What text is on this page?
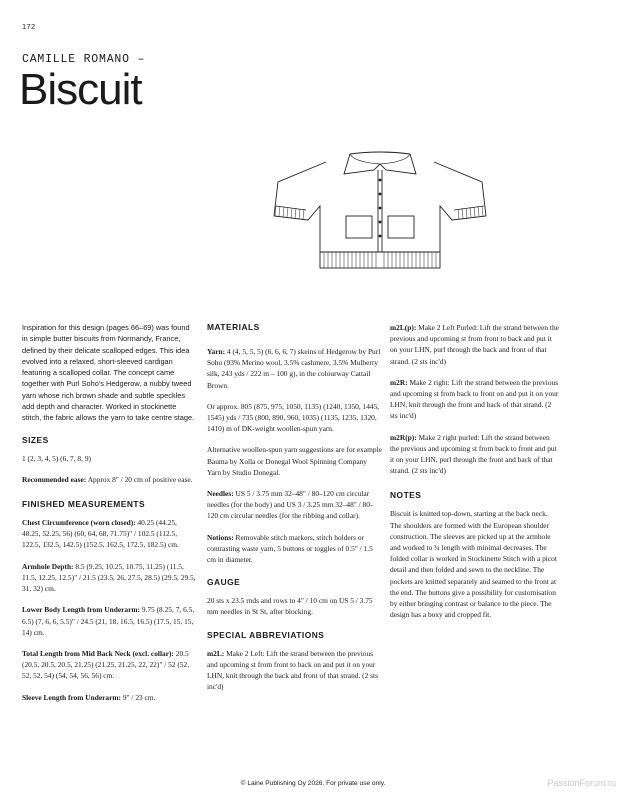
172
CAMILLE ROMANO –
Biscuit
Inspiration for this design (pages 66–69) was found in simple butter biscuits from Normandy, France, defined by their delicate scalloped edges. This idea evolved into a relaxed, short-sleeved cardigan featuring a scalloped collar. The concept came together with Purl Soho's Hedgerow, a nubby tweed yarn whose rich brown shade and subtle speckles add depth and character. Worked in stockinette stitch, the fabric allows the yarn to take centre stage.
SIZES

1 (2, 3, 4, 5) (6, 7, 8, 9)

Recommended ease: Approx 8" / 20 cm of positive ease.

FINISHED MEASUREMENTS

Chest Circumference (worn closed): 40.25 (44.25, 48.25, 52.25, 56) (60, 64, 68, 71.75)" / 102.5 (112.5, 122.5, 132.5, 142.5) (152.5, 162.5, 172.5, 182.5) cm.

Armhole Depth: 8.5 (9.25, 10.25, 10.75, 11.25) (11.5, 11.5, 12.25, 12.5)" / 21.5 (23.5, 26, 27.5, 28.5) (29.5, 29.5, 31, 32) cm.

Lower Body Length from Underarm: 9.75 (8.25, 7, 6.5, 6.5) (7, 6, 6, 5.5)" / 24.5 (21, 18, 16.5, 16.5) (17.5, 15, 15, 14) cm.

Total Length from Mid Back Neck (excl. collar): 20.5 (20.5, 20.5, 20.5, 21.25) (21.25, 21.25, 22, 22)" / 52 (52, 52, 52, 54) (54, 54, 56, 56) cm.

Sleeve Length from Underarm: 9" / 23 cm.

MATERIALS

Yarn: 4 (4, 5, 5, 5) (6, 6, 6, 7) skeins of Hedgerow by Purl Soho (93% Merino wool, 3.5% cashmere, 3.5% Mulberry silk, 243 yds / 222 m – 100 g), in the colourway Cattail Brown.

Or approx. 805 (875, 975, 1050, 1135) (1240, 1350, 1445, 1545) yds / 735 (800, 890, 960, 1035) (1135, 1235, 1320, 1410) m of DK-weight woollen-spun yarn.

Alternative woollen-spun yarn suggestions are for example Bauma by Xolla or Donegal Wool Spinning Company Yarn by Studio Donegal.

Needles: US 5 / 3.75 mm 32–48" / 80–120 cm circular needles (for the body) and US 3 / 3.25 mm 32–48" / 80–120 cm circular needles (for the ribbing and collar).

Notions: Removable stitch markers, stitch holders or contrasting waste yarn, 5 buttons or toggles of 0.5" / 1.5 cm in diameter.

GAUGE

20 sts x 23.5 rnds and rows to 4" / 10 cm on US 5 / 3.75 mm needles in St St, after blocking.

SPECIAL ABBREVIATIONS

m2L: Make 2 Left: Lift the strand between the previous and upcoming st from front to back on and put it on your LHN, knit through the back and front of that strand. (2 sts inc'd)

m2L(p): Make 2 Left Purled: Lift the strand between the previous and upcoming st from front to back and put it on your LHN, purl through the back and front of that strand. (2 sts inc'd)

m2R: Make 2 right: Lift the strand between the previous and upcoming st from back to front on and put it on your LHN, knit through the front and back of that strand. (2 sts inc'd)

m2R(p): Make 2 right purled: Lift the strand between the previous and upcoming st from back to front and put it on your LHN, purl through the front and back of that strand. (2 sts inc'd)

NOTES

Biscuit is knitted top-down, starting at the back neck. The shoulders are formed with the European shoulder construction. The sleeves are picked up at the armhole and worked to ¾ length with minimal decreases. The folded collar is worked in Stockinette Stitch with a picot detail and then folded and sewn to the neckline. The pockets are knitted separately and seamed to the front at the end. The buttons give a possibility for customisation by either bringing contrast or balance to the piece. The design has a boxy and cropped fit.

© Laine Publishing Oy 2026. For private use only.	PassionForum.ru
